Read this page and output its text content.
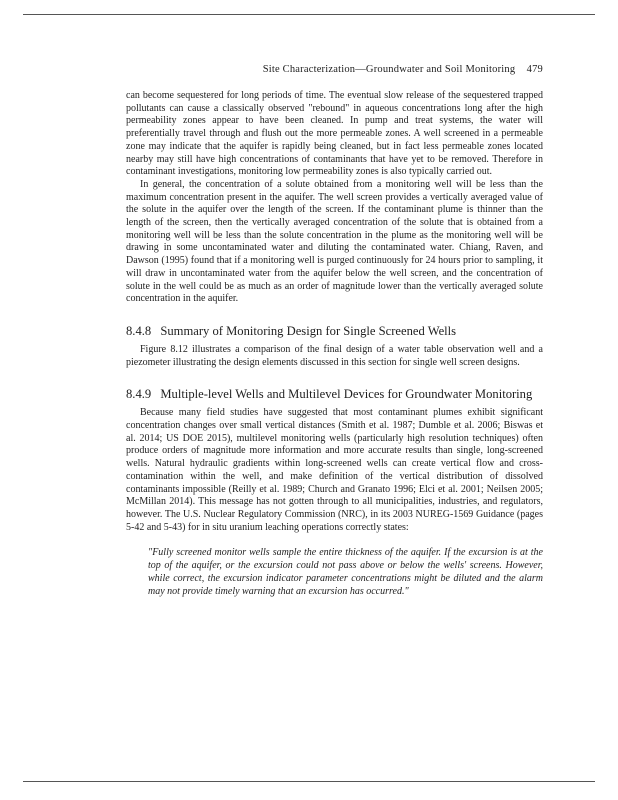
Site Characterization—Groundwater and Soil Monitoring 479

can become sequestered for long periods of time. The eventual slow release of the sequestered trapped pollutants can cause a classically observed "rebound" in aqueous concentrations long after the high permeability zones appear to have been cleaned. In pump and treat systems, the water will preferentially travel through and flush out the more permeable zones. A well screened in a permeable zone may indicate that the aquifer is rapidly being cleaned, but in fact less permeable zones located nearby may still have high concentrations of contaminants that have yet to be removed. Therefore in contaminant investigations, monitoring low permeability zones is also typically carried out.

In general, the concentration of a solute obtained from a monitoring well will be less than the maximum concentration present in the aquifer. The well screen provides a vertically averaged value of the solute in the aquifer over the length of the screen. If the contaminant plume is thinner than the length of the screen, then the vertically averaged concentration of the solute that is obtained from a monitoring well will be less than the solute concentration in the plume as the monitoring well will be drawing in some uncontaminated water and diluting the contaminated water. Chiang, Raven, and Dawson (1995) found that if a monitoring well is purged continuously for 24 hours prior to sampling, it will draw in uncontaminated water from the aquifer below the well screen, and the concentration of solute in the well could be as much as an order of magnitude lower than the vertically averaged solute concentration in the aquifer.

8.4.8 Summary of Monitoring Design for Single Screened Wells

Figure 8.12 illustrates a comparison of the final design of a water table observation well and a piezometer illustrating the design elements discussed in this section for single well screen designs.

8.4.9 Multiple-level Wells and Multilevel Devices for Groundwater Monitoring

Because many field studies have suggested that most contaminant plumes exhibit significant concentration changes over small vertical distances (Smith et al. 1987; Dumble et al. 2006; Biswas et al. 2014; US DOE 2015), multilevel monitoring wells (particularly high resolution techniques) often produce orders of magnitude more information and more accurate results than single, long-screened wells. Natural hydraulic gradients within long-screened wells can create vertical flow and cross-contamination within the well, and make definition of the vertical distribution of dissolved contaminants impossible (Reilly et al. 1989; Church and Granato 1996; Elci et al. 2001; Neilsen 2005; McMillan 2014). This message has not gotten through to all municipalities, industries, and regulators, however. The U.S. Nuclear Regulatory Commission (NRC), in its 2003 NUREG-1569 Guidance (pages 5-42 and 5-43) for in situ uranium leaching operations correctly states:

"Fully screened monitor wells sample the entire thickness of the aquifer. If the excursion is at the top of the aquifer, or the excursion could not pass above or below the wells' screens. However, while correct, the excursion indicator parameter concentrations might be diluted and the alarm may not provide timely warning that an excursion has occurred."
